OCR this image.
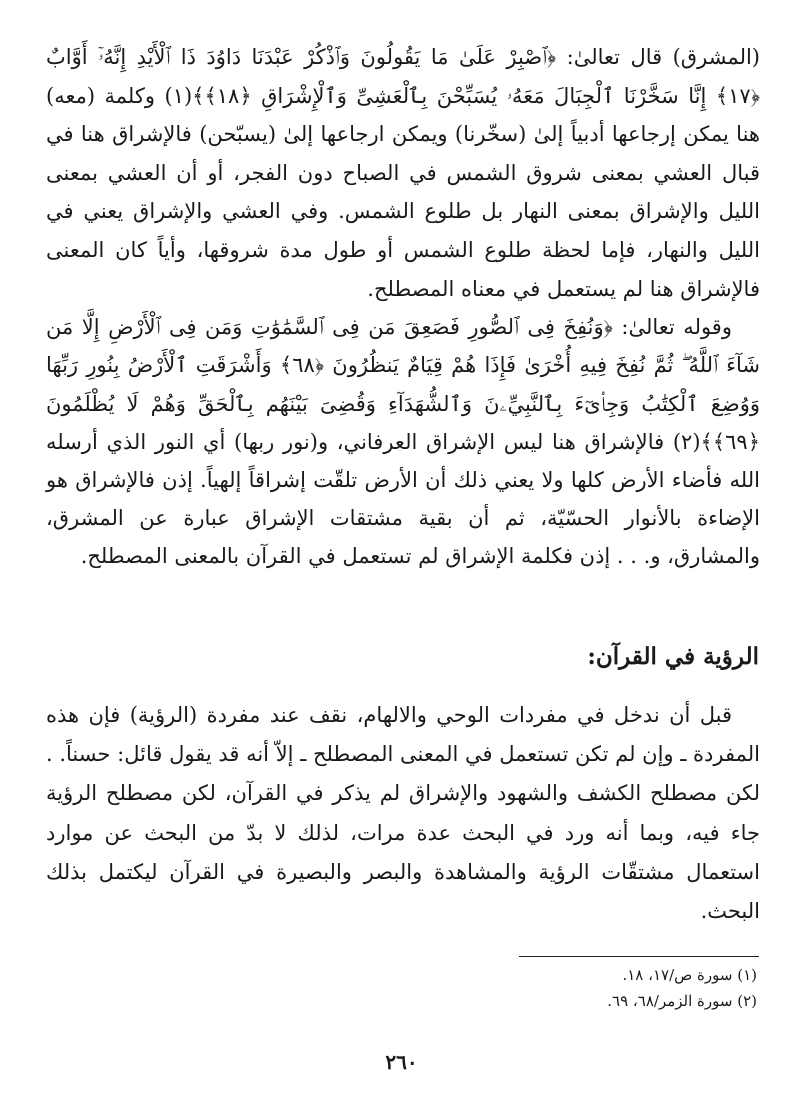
(المشرق) قال تعالىٰ: ﴿ٱصْبِرْ عَلَىٰ مَا يَقُولُونَ وَٱذْكُرْ عَبْدَنَا دَاوُدَ ذَا ٱلْأَيْدِ إِنَّهُۥٓ أَوَّابٌ ﴿١٧﴾ إِنَّا سَخَّرْنَا ٱلْجِبَالَ مَعَهُۥ يُسَبِّحْنَ بِٱلْعَشِىِّ وَٱلْإِشْرَاقِ ﴿١٨﴾﴾(١) وكلمة (معه) هنا يمكن إرجاعها أدبياً إلىٰ (سخّرنا) ويمكن ارجاعها إلىٰ (يسبّحن) فالإشراق هنا في قبال العشي بمعنى شروق الشمس في الصباح دون الفجر، أو أن العشي بمعنى الليل والإشراق بمعنى النهار بل طلوع الشمس. وفي العشي والإشراق يعني في الليل والنهار، فإما لحظة طلوع الشمس أو طول مدة شروقها، وأياً كان المعنى فالإشراق هنا لم يستعمل في معناه المصطلح.

وقوله تعالىٰ: ﴿وَنُفِخَ فِى ٱلصُّورِ فَصَعِقَ مَن فِى ٱلسَّمَٰوَٰتِ وَمَن فِى ٱلْأَرْضِ إِلَّا مَن شَآءَ ٱللَّهُ ۖ ثُمَّ نُفِخَ فِيهِ أُخْرَىٰ فَإِذَا هُمْ قِيَامٌ يَنظُرُونَ ﴿٦٨﴾ وَأَشْرَقَتِ ٱلْأَرْضُ بِنُورِ رَبِّهَا وَوُضِعَ ٱلْكِتَٰبُ وَجِا۟ىٓءَ بِٱلنَّبِيِّۦنَ وَٱلشُّهَدَآءِ وَقُضِىَ بَيْنَهُم بِٱلْحَقِّ وَهُمْ لَا يُظْلَمُونَ ﴿٦٩﴾﴾(٢) فالإشراق هنا ليس الإشراق العرفاني، و(نور ربها) أي النور الذي أرسله الله فأضاء الأرض كلها ولا يعني ذلك أن الأرض تلقّت إشراقاً إلهياً. إذن فالإشراق هو الإضاءة بالأنوار الحسّيّة، ثم أن بقية مشتقات الإشراق عبارة عن المشرق، والمشارق، و. . . إذن فكلمة الإشراق لم تستعمل في القرآن بالمعنى المصطلح.

الرؤية في القرآن:

قبل أن ندخل في مفردات الوحي والالهام، نقف عند مفردة (الرؤية) فإن هذه المفردة ـ وإن لم تكن تستعمل في المعنى المصطلح ـ إلاّ أنه قد يقول قائل: حسناً. . لكن مصطلح الكشف والشهود والإشراق لم يذكر في القرآن، لكن مصطلح الرؤية جاء فيه، وبما أنه ورد في البحث عدة مرات، لذلك لا بدّ من البحث عن موارد استعمال مشتقّات الرؤية والمشاهدة والبصر والبصيرة في القرآن ليكتمل بذلك البحث.

(١) سورة ص/١٧، ١٨.

(٢) سورة الزمر/٦٨، ٦٩.

٢٦٠
